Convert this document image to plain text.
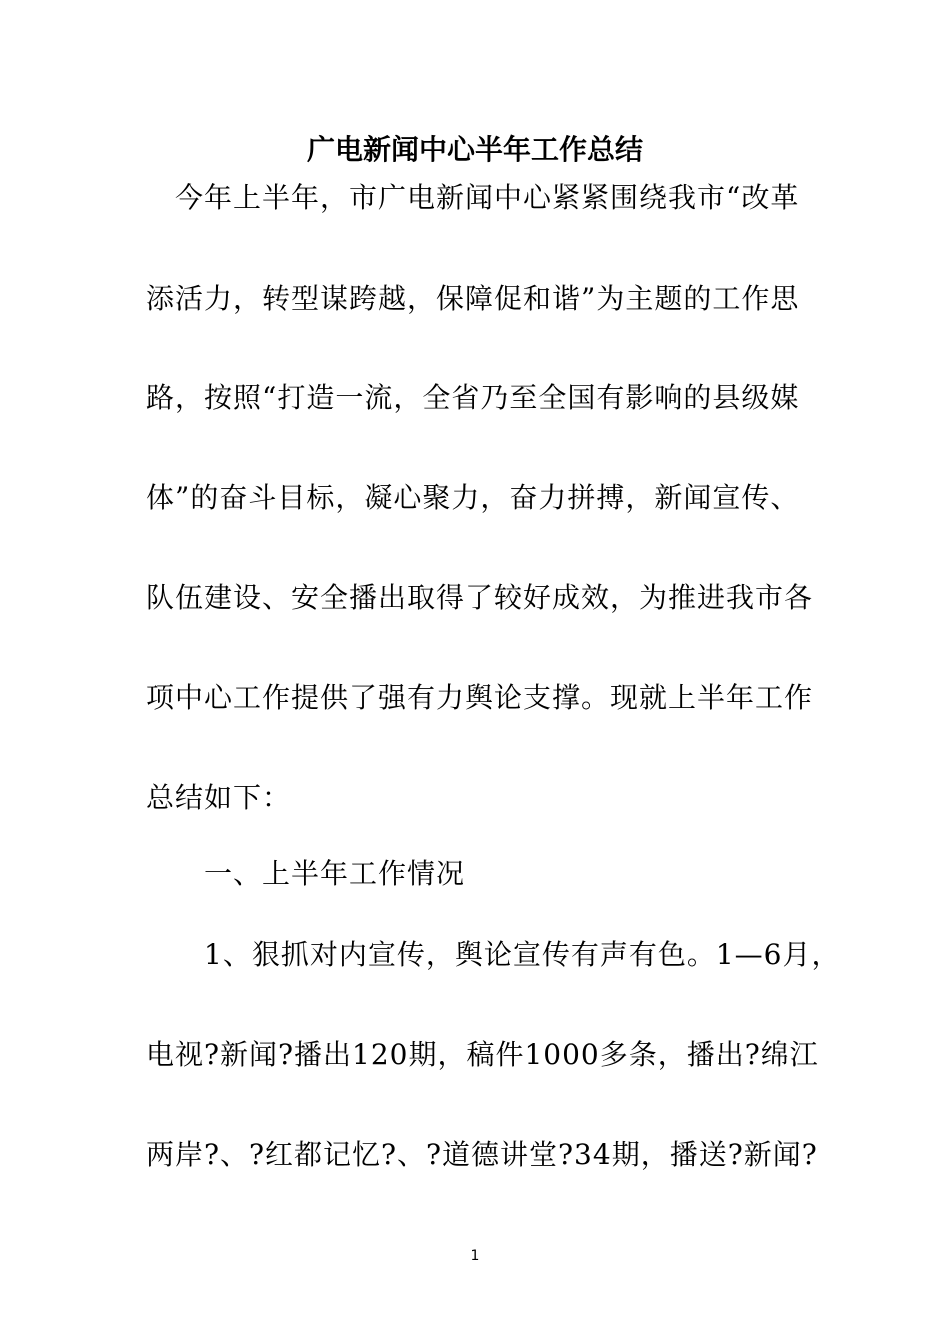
广电新闻中心半年工作总结
　今年上半年，市广电新闻中心紧紧围绕我市“改革
添活力，转型谋跨越，保障促和谐”为主题的工作思
路，按照“打造一流，全省乃至全国有影响的县级媒
体”的奋斗目标，凝心聚力，奋力拼搏，新闻宣传、
队伍建设、安全播出取得了较好成效，为推进我市各
项中心工作提供了强有力舆论支撑。现就上半年工作
总结如下：
　　一、上半年工作情况
　　1、狠抓对内宣传，舆论宣传有声有色。1—6月，
电视?新闻?播出120期，稿件1000多条，播出?绵江
两岸?、?红都记忆?、?道德讲堂?34期，播送?新闻?
1
